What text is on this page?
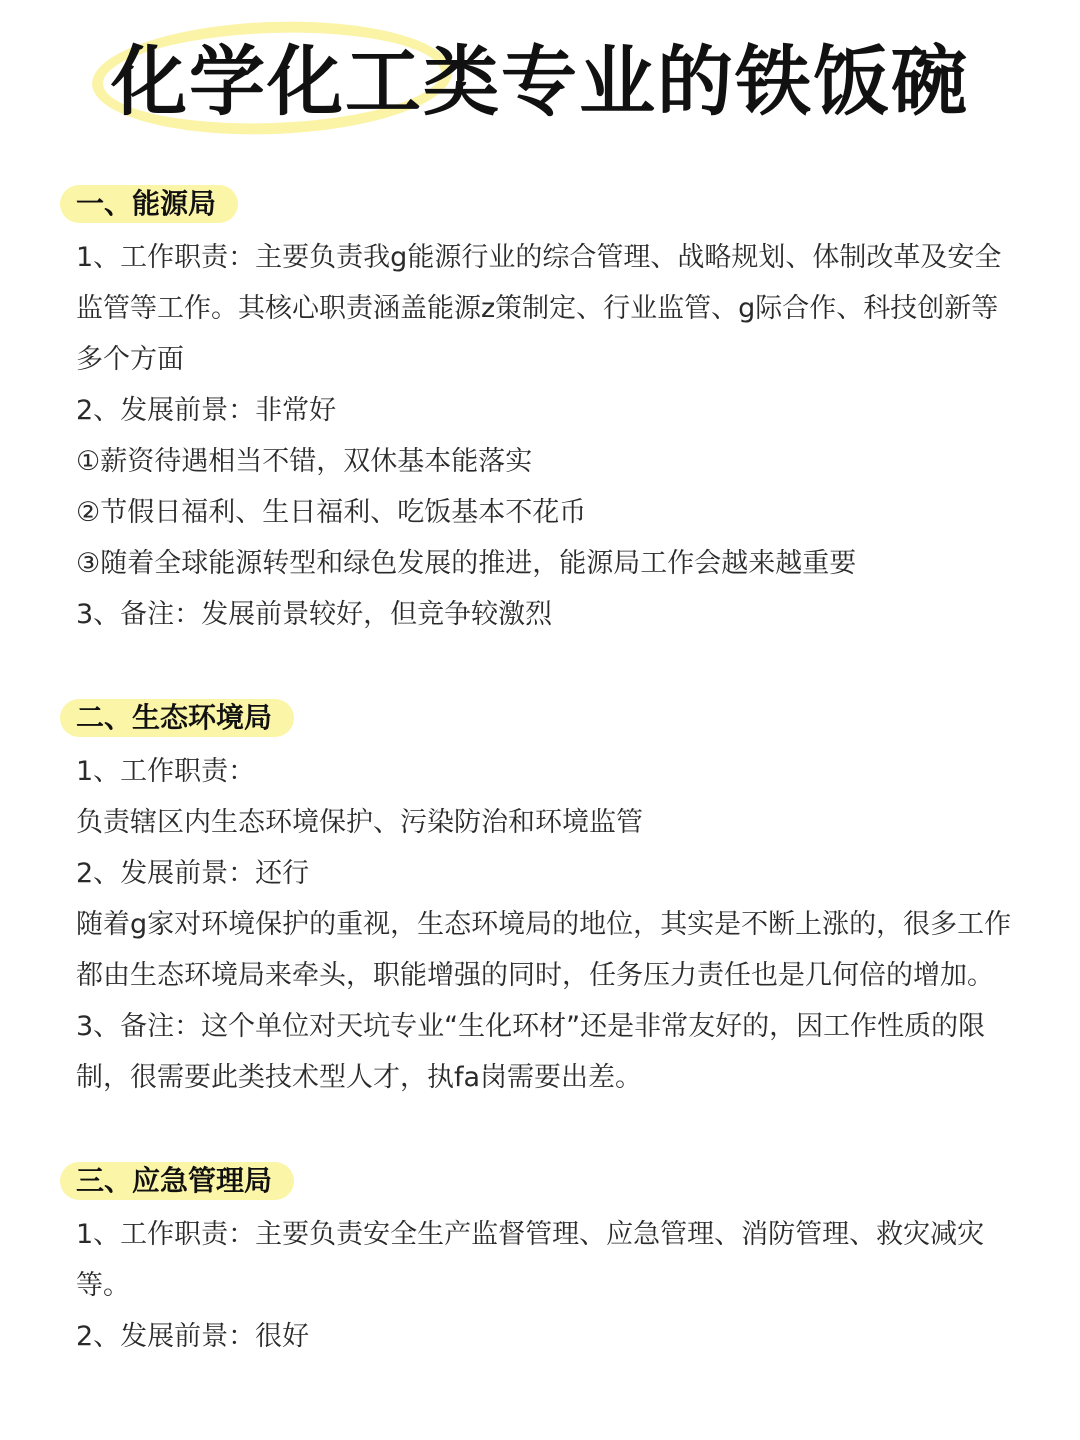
化学化工类专业的铁饭碗
一、能源局
1、工作职责：主要负责我g能源行业的综合管理、战略规划、体制改革及安全监管等工作。其核心职责涵盖能源z策制定、行业监管、g际合作、科技创新等多个方面
2、发展前景：非常好
①薪资待遇相当不错，双休基本能落实
②节假日福利、生日福利、吃饭基本不花币
③随着全球能源转型和绿色发展的推进，能源局工作会越来越重要
3、备注：发展前景较好，但竞争较激烈
二、生态环境局
1、工作职责：
负责辖区内生态环境保护、污染防治和环境监管
2、发展前景：还行
随着g家对环境保护的重视，生态环境局的地位，其实是不断上涨的，很多工作都由生态环境局来牵头，职能增强的同时，任务压力责任也是几何倍的增加。
3、备注：这个单位对天坑专业“生化环材”还是非常友好的，因工作性质的限制，很需要此类技术型人才，执fa岗需要出差。
三、应急管理局
1、工作职责：主要负责安全生产监督管理、应急管理、消防管理、救灾减灾等。
2、发展前景：很好
